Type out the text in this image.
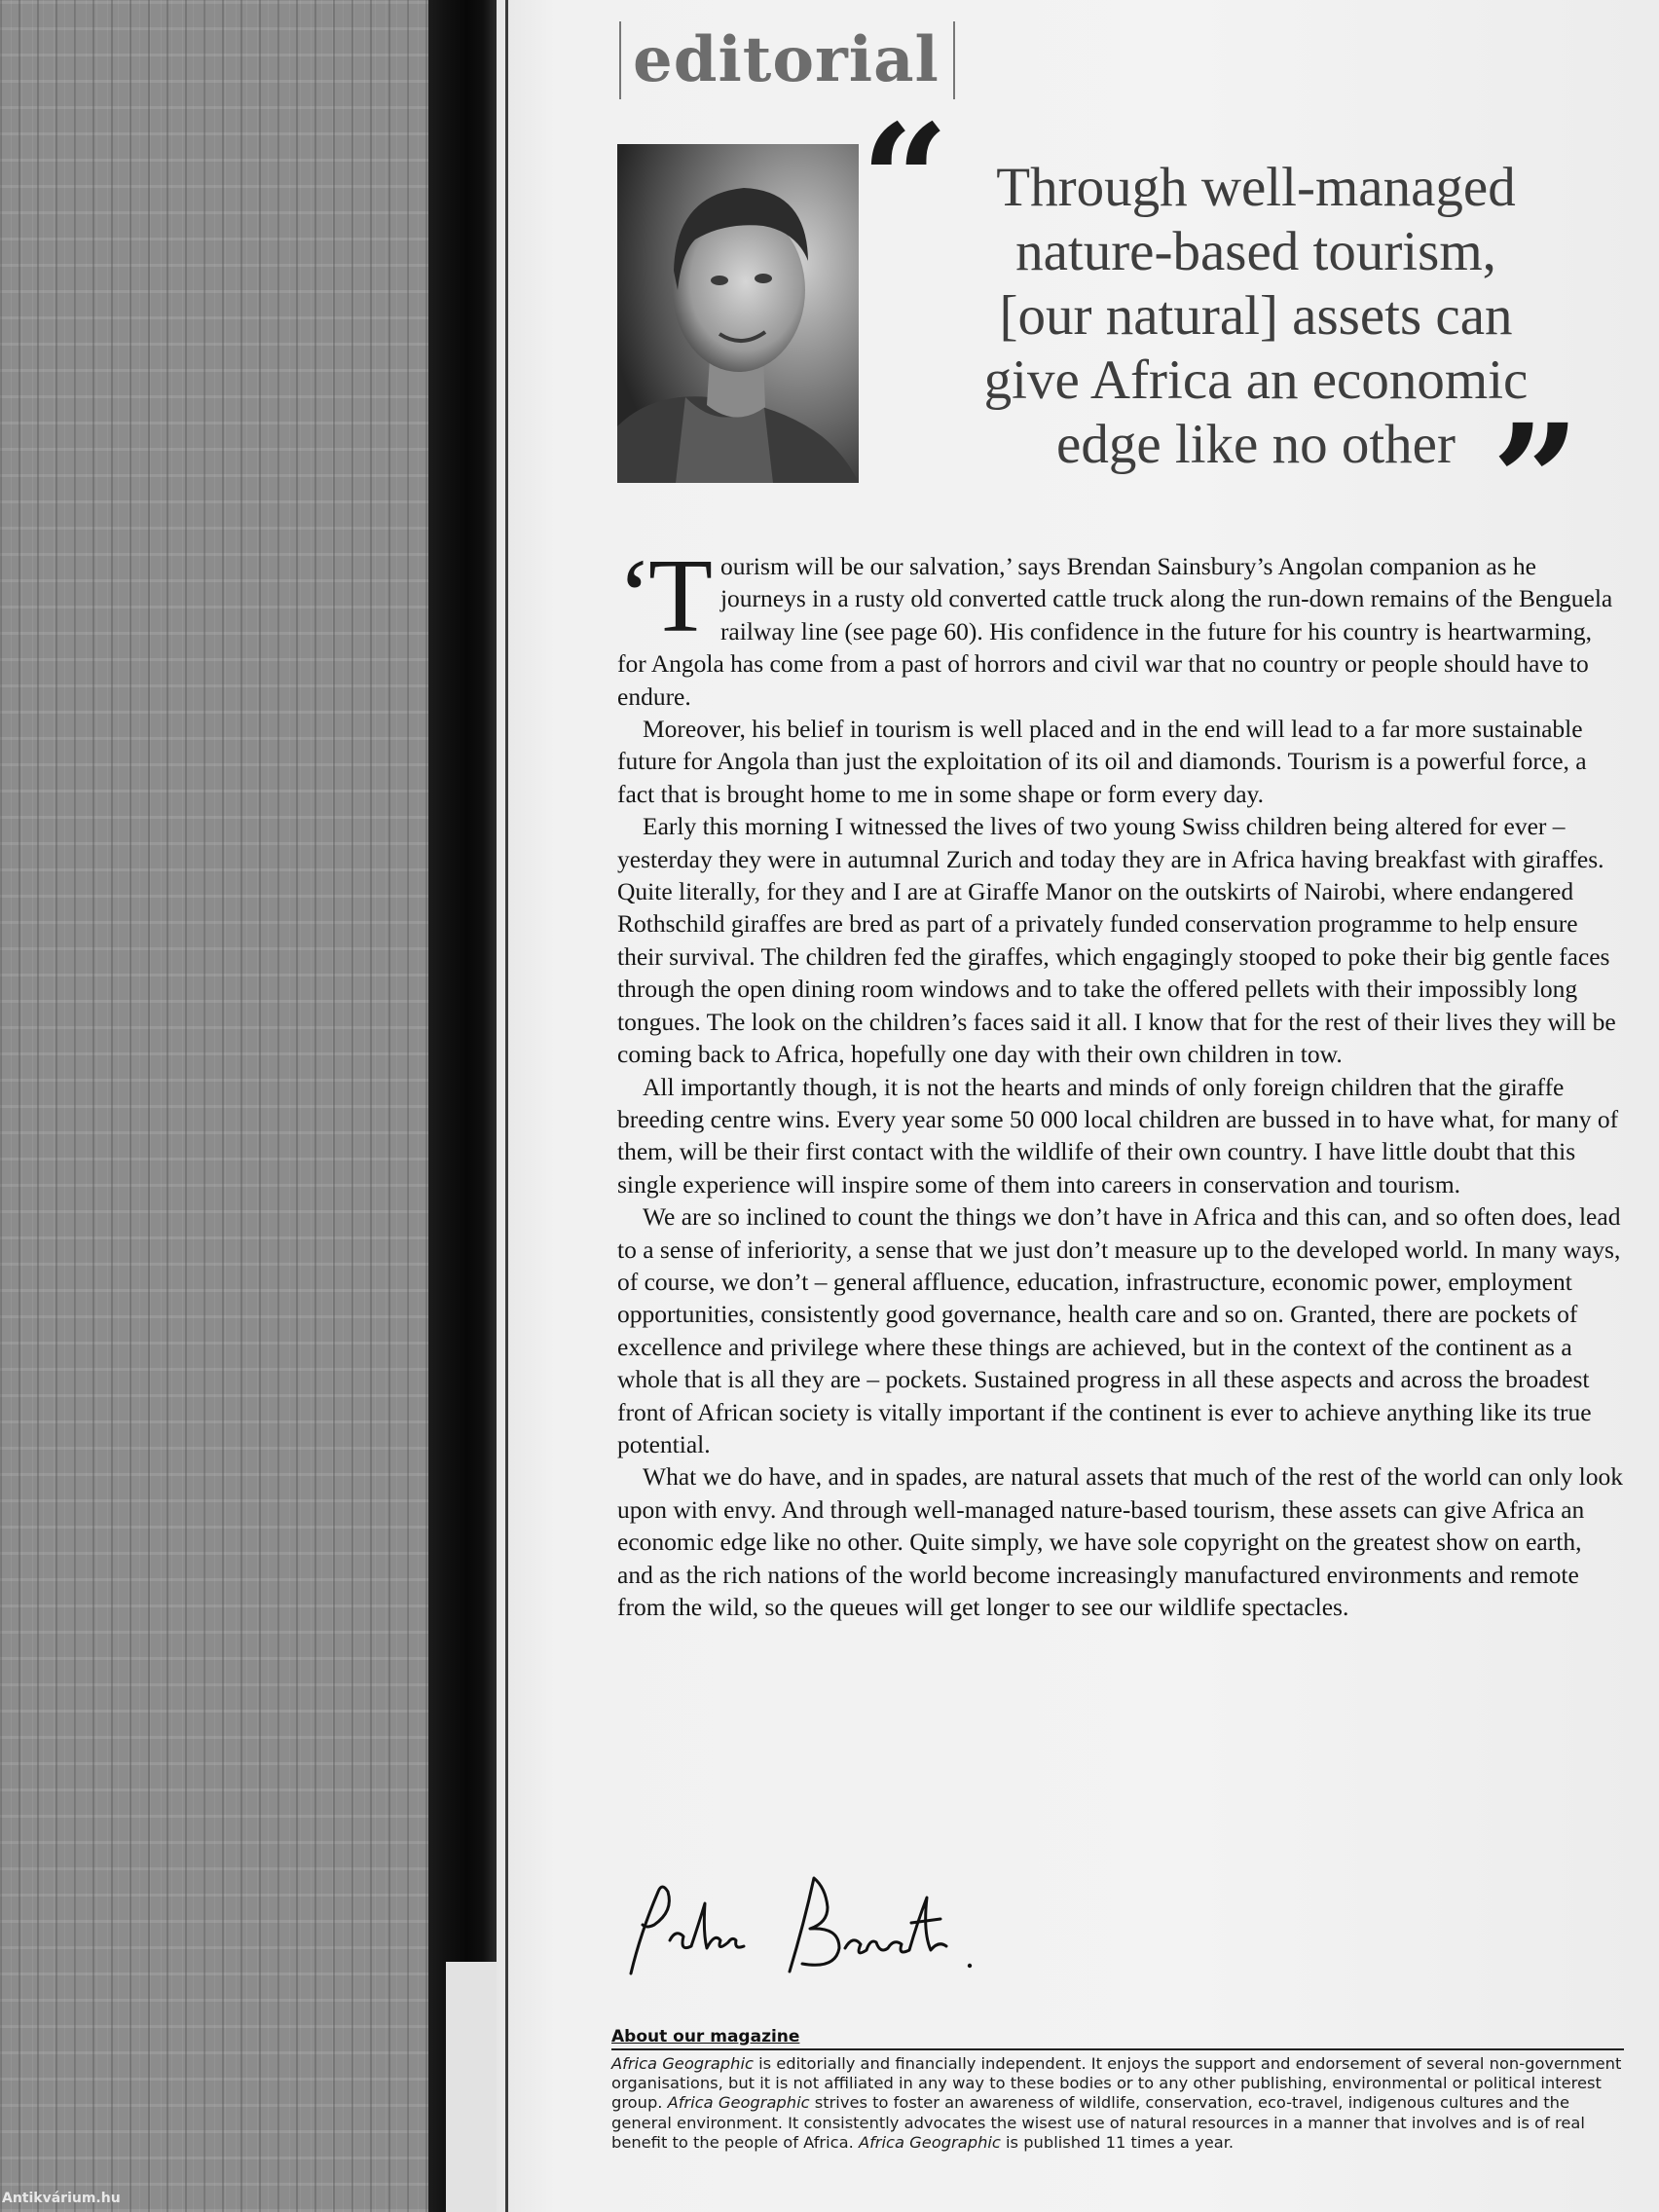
editorial
“ Through well-managed
nature-based tourism,
[our natural] assets can
give Africa an economic
edge like no other ”

‘Tourism will be our salvation,’ says Brendan Sainsbury’s Angolan companion as he journeys in a rusty old converted cattle truck along the run-down remains of the Benguela railway line (see page 60). His confidence in the future for his country is heartwarming, for Angola has come from a past of horrors and civil war that no country or people should have to endure.

Moreover, his belief in tourism is well placed and in the end will lead to a far more sustainable future for Angola than just the exploitation of its oil and diamonds. Tourism is a powerful force, a fact that is brought home to me in some shape or form every day.

Early this morning I witnessed the lives of two young Swiss children being altered for ever – yesterday they were in autumnal Zurich and today they are in Africa having breakfast with giraffes. Quite literally, for they and I are at Giraffe Manor on the outskirts of Nairobi, where endangered Rothschild giraffes are bred as part of a privately funded conservation programme to help ensure their survival. The children fed the giraffes, which engagingly stooped to poke their big gentle faces through the open dining room windows and to take the offered pellets with their impossibly long tongues. The look on the children’s faces said it all. I know that for the rest of their lives they will be coming back to Africa, hopefully one day with their own children in tow.

All importantly though, it is not the hearts and minds of only foreign children that the giraffe breeding centre wins. Every year some 50 000 local children are bussed in to have what, for many of them, will be their first contact with the wildlife of their own country. I have little doubt that this single experience will inspire some of them into careers in conservation and tourism.

We are so inclined to count the things we don’t have in Africa and this can, and so often does, lead to a sense of inferiority, a sense that we just don’t measure up to the developed world. In many ways, of course, we don’t – general affluence, education, infrastructure, economic power, employment opportunities, consistently good governance, health care and so on. Granted, there are pockets of excellence and privilege where these things are achieved, but in the context of the continent as a whole that is all they are – pockets. Sustained progress in all these aspects and across the broadest front of African society is vitally important if the continent is ever to achieve anything like its true potential.

What we do have, and in spades, are natural assets that much of the rest of the world can only look upon with envy. And through well-managed nature-based tourism, these assets can give Africa an economic edge like no other. Quite simply, we have sole copyright on the greatest show on earth, and as the rich nations of the world become increasingly manufactured environments and remote from the wild, so the queues will get longer to see our wildlife spectacles.

About our magazine
Africa Geographic is editorially and financially independent. It enjoys the support and endorsement of several non-government organisations, but it is not affiliated in any way to these bodies or to any other publishing, environmental or political interest group. Africa Geographic strives to foster an awareness of wildlife, conservation, eco-travel, indigenous cultures and the general environment. It consistently advocates the wisest use of natural resources in a manner that involves and is of real benefit to the people of Africa. Africa Geographic is published 11 times a year.
Antikvárium.hu
